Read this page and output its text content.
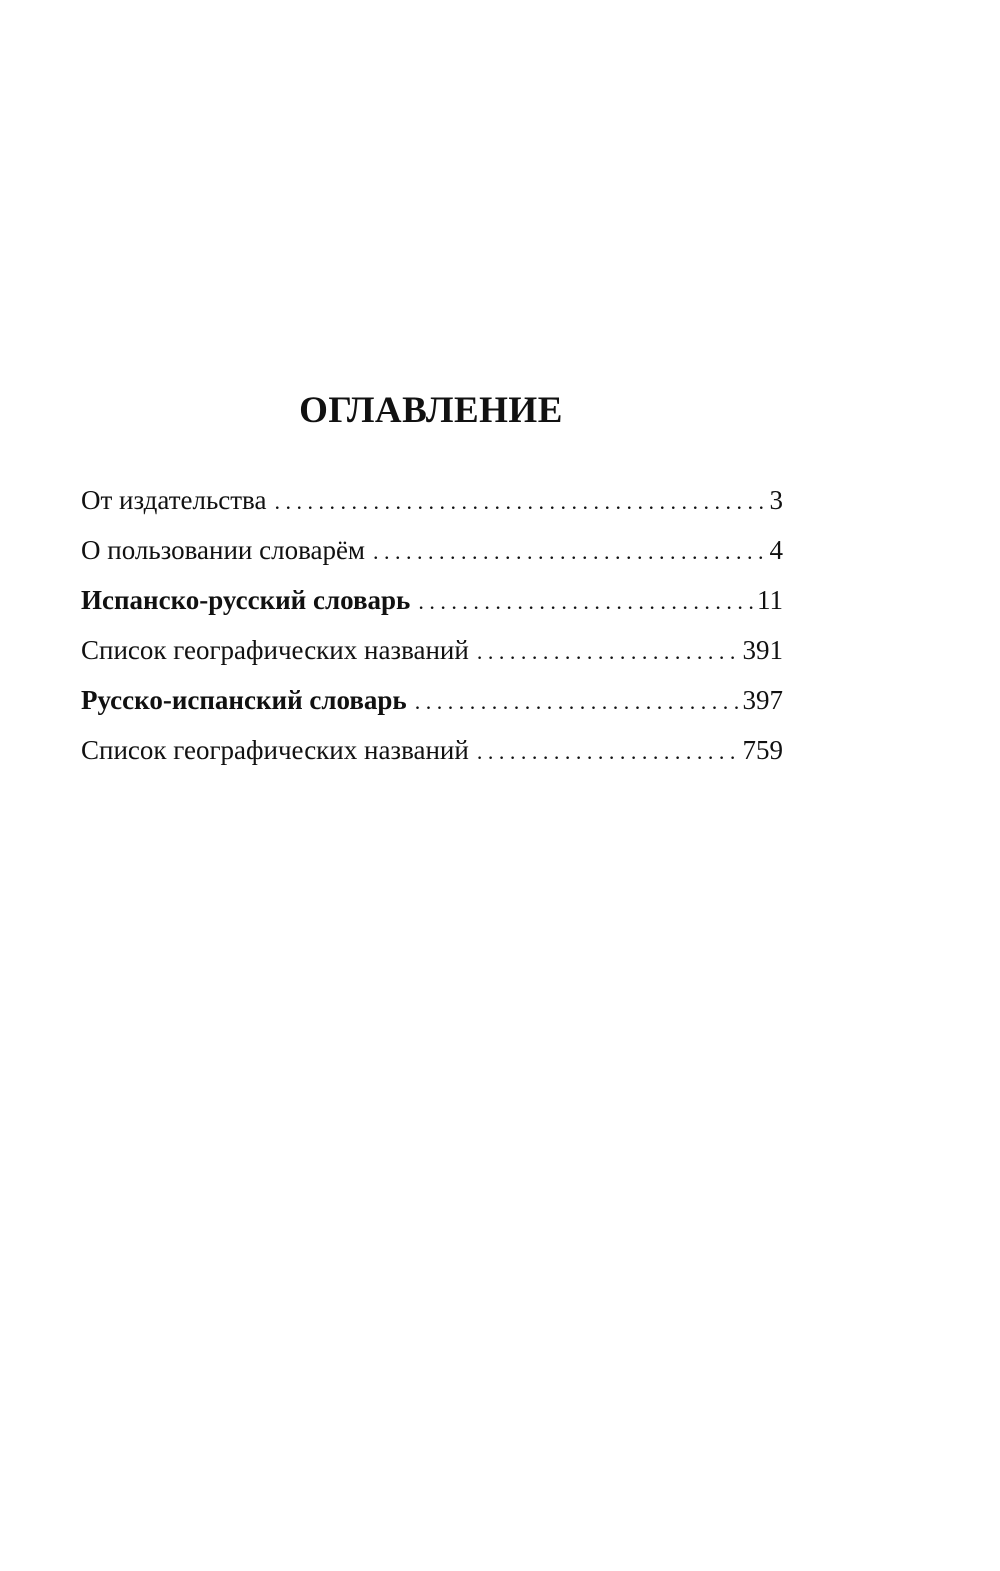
ОГЛАВЛЕНИЕ
От издательства . . .	3
О пользовании словарём . . .	4
Испанско-русский словарь . . .	11
Список географических названий . . .	391
Русско-испанский словарь . . .	397
Список географических названий . . .	759
